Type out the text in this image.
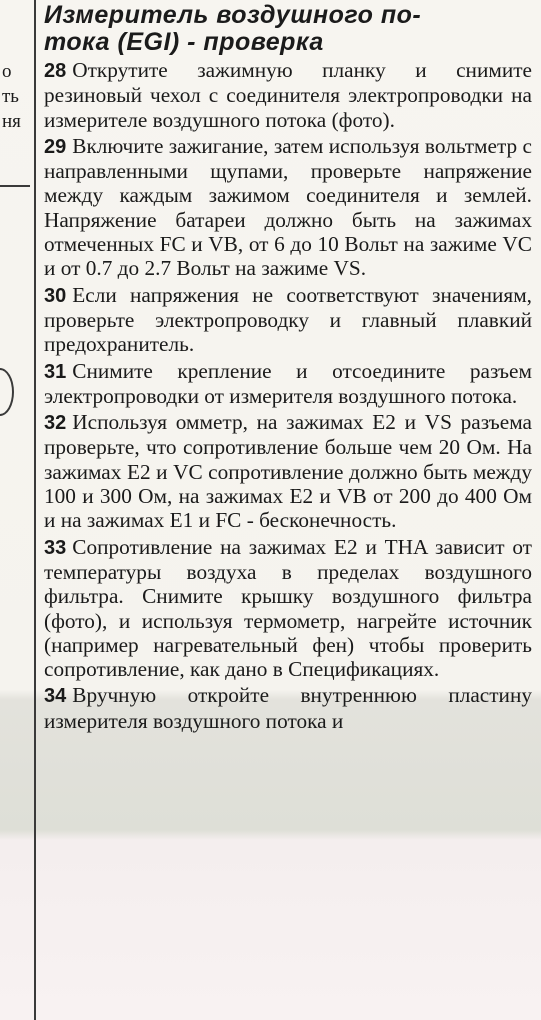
о
ть
ня
Измеритель воздушного по-
тока (EGI) - проверка

28 Открутите зажимную планку и снимите резиновый чехол с соединителя электропроводки на измерителе воздушного потока (фото).

29 Включите зажигание, затем используя вольтметр с направленными щупами, проверьте напряжение между каждым зажимом соединителя и землей. Напряжение батареи должно быть на зажимах отмеченных FC и VB, от 6 до 10 Вольт на зажиме VC и от 0.7 до 2.7 Вольт на зажиме VS.

30 Если напряжения не соответствуют значениям, проверьте электропроводку и главный плавкий предохранитель.

31 Снимите крепление и отсоедините разъем электропроводки от измерителя воздушного потока.

32 Используя омметр, на зажимах E2 и VS разъема проверьте, что сопротивление больше чем 20 Ом. На зажимах E2 и VC сопротивление должно быть между 100 и 300 Ом, на зажимах E2 и VB от 200 до 400 Ом и на зажимах E1 и FC - бесконечность.

33 Сопротивление на зажимах E2 и THA зависит от температуры воздуха в пределах воздушного фильтра. Снимите крышку воздушного фильтра (фото), и используя термометр, нагрейте источник (например нагревательный фен) чтобы проверить сопротивление, как дано в Спецификациях.

34 Вручную откройте внутреннюю пластину измерителя воздушного потока и
